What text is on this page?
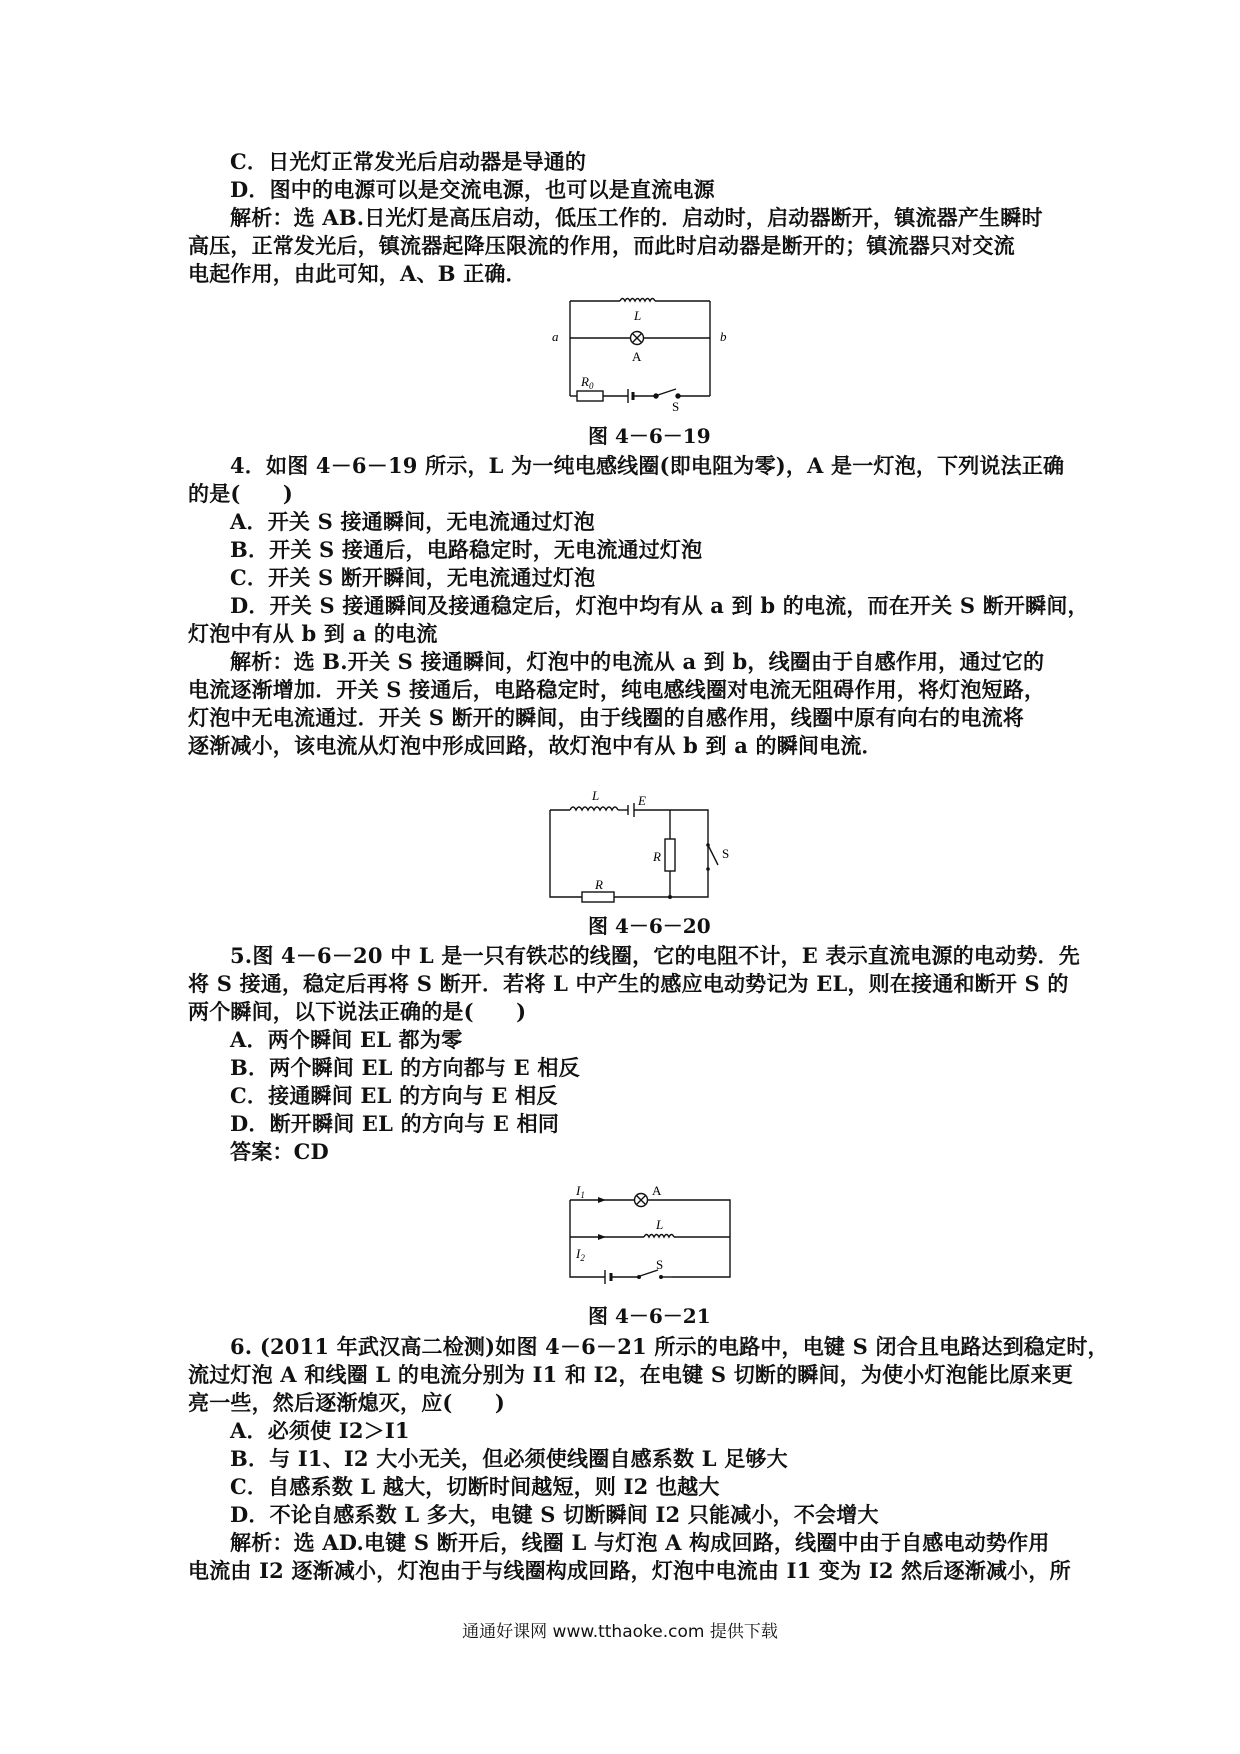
C．日光灯正常发光后启动器是导通的
D．图中的电源可以是交流电源，也可以是直流电源
解析：选 AB.日光灯是高压启动，低压工作的．启动时，启动器断开，镇流器产生瞬时
高压，正常发光后，镇流器起降压限流的作用，而此时启动器是断开的；镇流器只对交流
电起作用，由此可知，A、B 正确．
L
a	b
A
$R_0$
S
图 4－6－19
4．如图 4－6－19 所示，L 为一纯电感线圈(即电阻为零)，A 是一灯泡，下列说法正确
的是(　　)
A．开关 S 接通瞬间，无电流通过灯泡
B．开关 S 接通后，电路稳定时，无电流通过灯泡
C．开关 S 断开瞬间，无电流通过灯泡
D．开关 S 接通瞬间及接通稳定后，灯泡中均有从 a 到 b 的电流，而在开关 S 断开瞬间，
灯泡中有从 b 到 a 的电流
解析：选 B.开关 S 接通瞬间，灯泡中的电流从 a 到 b，线圈由于自感作用，通过它的
电流逐渐增加．开关 S 接通后，电路稳定时，纯电感线圈对电流无阻碍作用，将灯泡短路，
灯泡中无电流通过．开关 S 断开的瞬间，由于线圈的自感作用，线圈中原有向右的电流将
逐渐减小，该电流从灯泡中形成回路，故灯泡中有从 b 到 a 的瞬间电流．
L	E
R
R
S
图 4－6－20
5.图 4－6－20 中 L 是一只有铁芯的线圈，它的电阻不计，E 表示直流电源的电动势．先
将 S 接通，稳定后再将 S 断开．若将 L 中产生的感应电动势记为 EL，则在接通和断开 S 的
两个瞬间，以下说法正确的是(　　)
A．两个瞬间 EL 都为零
B．两个瞬间 EL 的方向都与 E 相反
C．接通瞬间 EL 的方向与 E 相反
D．断开瞬间 EL 的方向与 E 相同
答案：CD
$I_1$	A
L
$I_2$	S
图 4－6－21
6. (2011 年武汉高二检测)如图 4－6－21 所示的电路中，电键 S 闭合且电路达到稳定时，
流过灯泡 A 和线圈 L 的电流分别为 I1 和 I2，在电键 S 切断的瞬间，为使小灯泡能比原来更
亮一些，然后逐渐熄灭，应(　　)
A．必须使 I2＞I1
B．与 I1、I2 大小无关，但必须使线圈自感系数 L 足够大
C．自感系数 L 越大，切断时间越短，则 I2 也越大
D．不论自感系数 L 多大，电键 S 切断瞬间 I2 只能减小，不会增大
解析：选 AD.电键 S 断开后，线圈 L 与灯泡 A 构成回路，线圈中由于自感电动势作用
电流由 I2 逐渐减小，灯泡由于与线圈构成回路，灯泡中电流由 I1 变为 I2 然后逐渐减小，所
通通好课网 www.tthaoke.com 提供下载
